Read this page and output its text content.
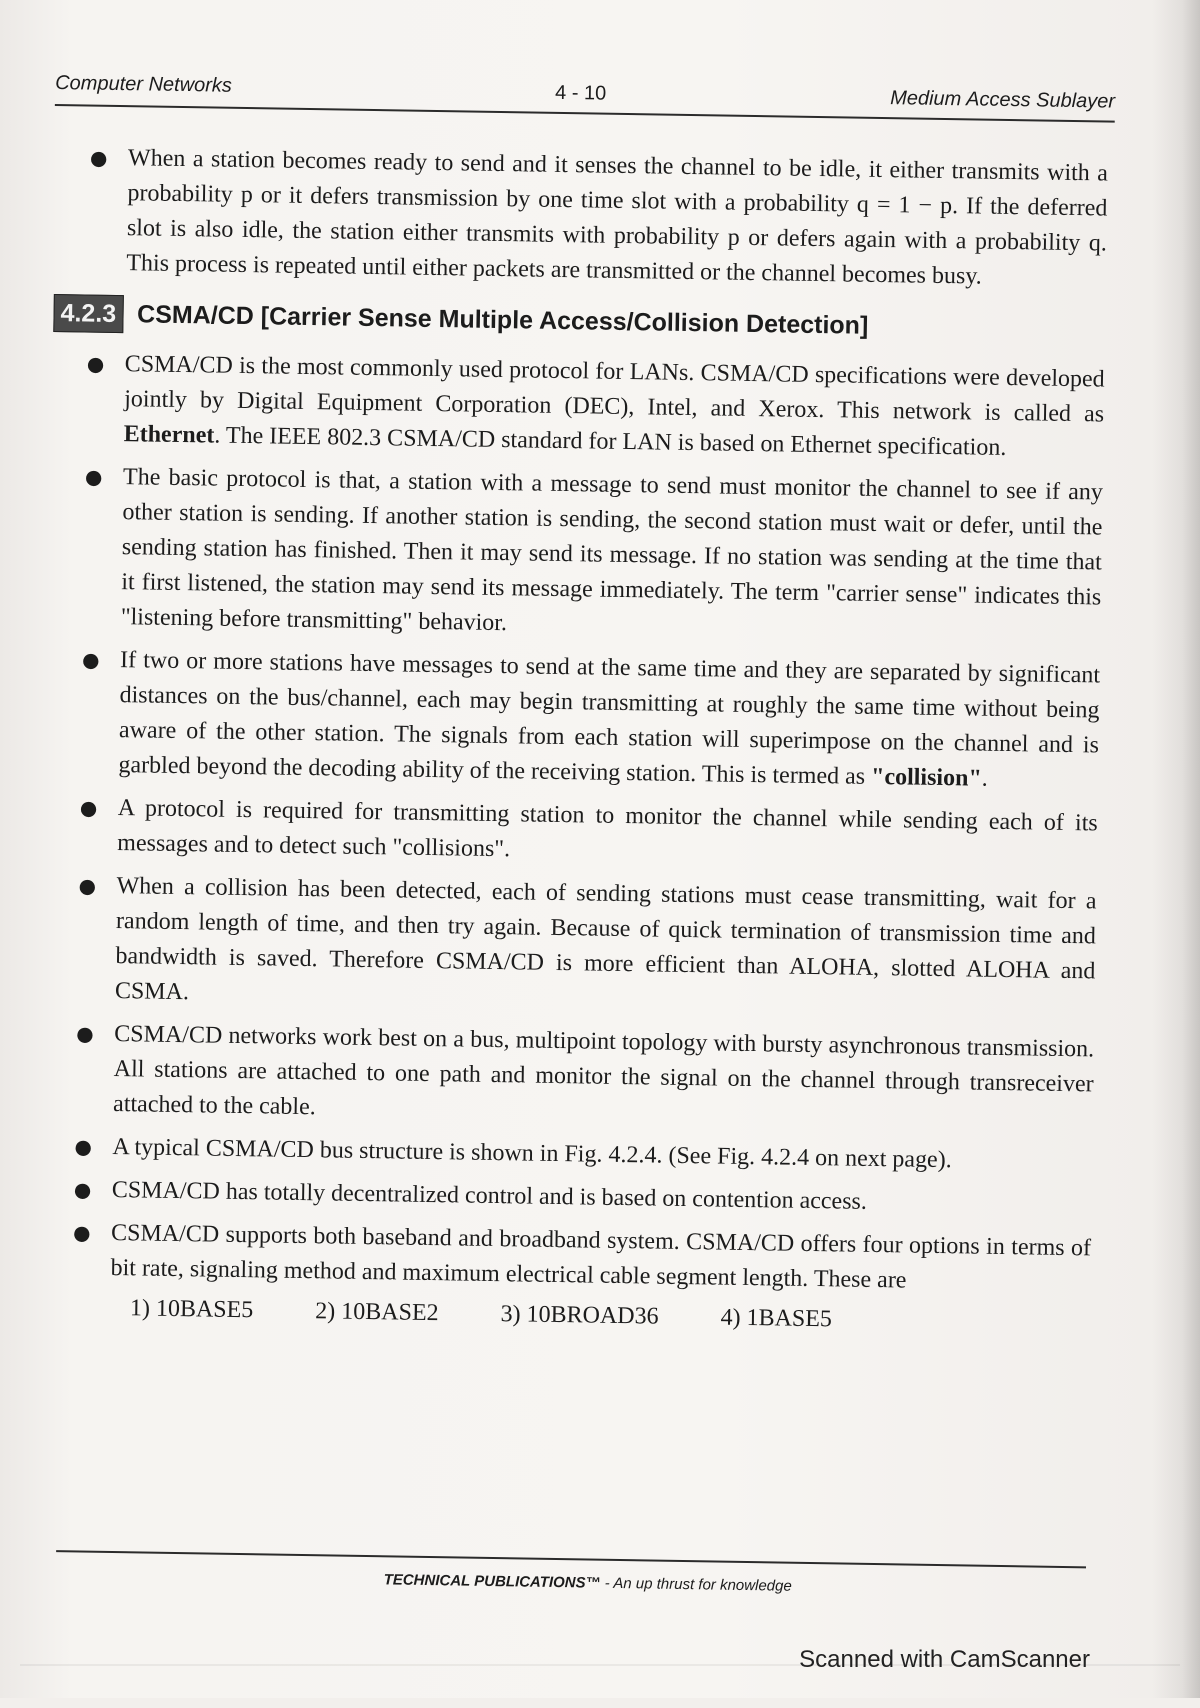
Computer Networks	4 - 10	Medium Access Sublayer
● When a station becomes ready to send and it senses the channel to be idle, it either transmits with a probability p or it defers transmission by one time slot with a probability q = 1 − p. If the deferred slot is also idle, the station either transmits with probability p or defers again with a probability q. This process is repeated until either packets are transmitted or the channel becomes busy.
4.2.3 CSMA/CD [Carrier Sense Multiple Access/Collision Detection]
● CSMA/CD is the most commonly used protocol for LANs. CSMA/CD specifications were developed jointly by Digital Equipment Corporation (DEC), Intel, and Xerox. This network is called as Ethernet. The IEEE 802.3 CSMA/CD standard for LAN is based on Ethernet specification.
● The basic protocol is that, a station with a message to send must monitor the channel to see if any other station is sending. If another station is sending, the second station must wait or defer, until the sending station has finished. Then it may send its message. If no station was sending at the time that it first listened, the station may send its message immediately. The term "carrier sense" indicates this "listening before transmitting" behavior.
● If two or more stations have messages to send at the same time and they are separated by significant distances on the bus/channel, each may begin transmitting at roughly the same time without being aware of the other station. The signals from each station will superimpose on the channel and is garbled beyond the decoding ability of the receiving station. This is termed as "collision".
● A protocol is required for transmitting station to monitor the channel while sending each of its messages and to detect such "collisions".
● When a collision has been detected, each of sending stations must cease transmitting, wait for a random length of time, and then try again. Because of quick termination of transmission time and bandwidth is saved. Therefore CSMA/CD is more efficient than ALOHA, slotted ALOHA and CSMA.
● CSMA/CD networks work best on a bus, multipoint topology with bursty asynchronous transmission. All stations are attached to one path and monitor the signal on the channel through transreceiver attached to the cable.
● A typical CSMA/CD bus structure is shown in Fig. 4.2.4. (See Fig. 4.2.4 on next page).
● CSMA/CD has totally decentralized control and is based on contention access.
● CSMA/CD supports both baseband and broadband system. CSMA/CD offers four options in terms of bit rate, signaling method and maximum electrical cable segment length. These are
1) 10BASE5	2) 10BASE2	3) 10BROAD36	4) 1BASE5
TECHNICAL PUBLICATIONS™ - An up thrust for knowledge
Scanned with CamScanner
